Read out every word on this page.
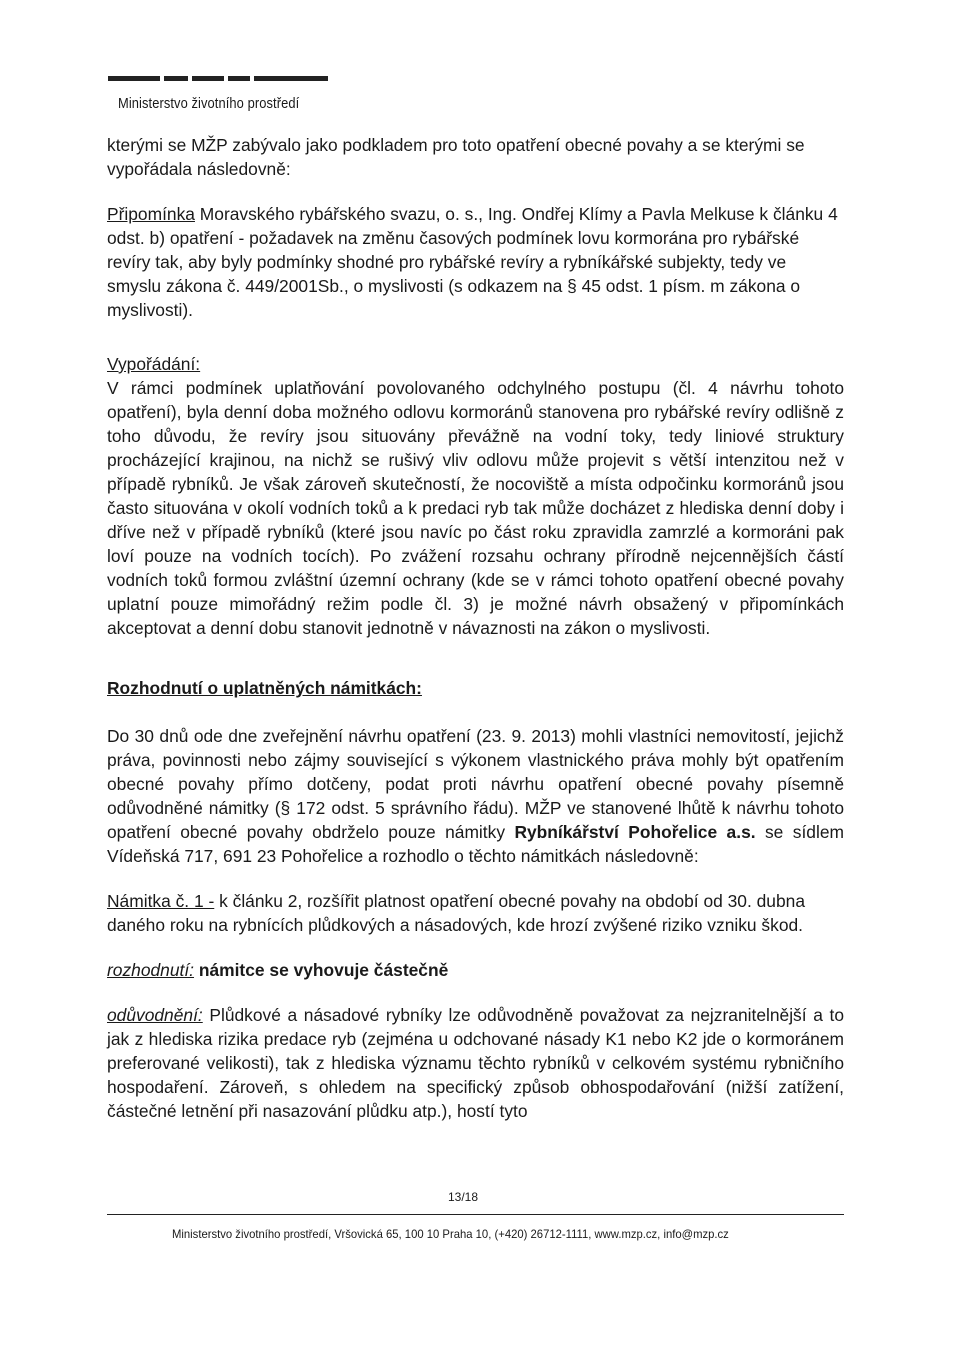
Ministerstvo životního prostředí

kterými se MŽP zabývalo jako podkladem pro toto opatření obecné povahy a se kterými se vypořádala následovně:

Připomínka Moravského rybářského svazu, o. s., Ing. Ondřej Klímy a Pavla Melkuse k článku 4 odst. b) opatření - požadavek na změnu časových podmínek lovu kormorána pro rybářské revíry tak, aby byly podmínky shodné pro rybářské revíry a rybníkářské subjekty, tedy ve smyslu zákona č. 449/2001Sb., o myslivosti (s odkazem na § 45 odst. 1 písm. m zákona o myslivosti).

Vypořádání:

V rámci podmínek uplatňování povolovaného odchylného postupu (čl. 4 návrhu tohoto opatření), byla denní doba možného odlovu kormoránů stanovena pro rybářské revíry odlišně z toho důvodu, že revíry jsou situovány převážně na vodní toky, tedy liniové struktury procházející krajinou, na nichž se rušivý vliv odlovu může projevit s větší intenzitou než v případě rybníků. Je však zároveň skutečností, že nocoviště a místa odpočinku kormoránů jsou často situována v okolí vodních toků a k predaci ryb tak může docházet z hlediska denní doby i dříve než v případě rybníků (které jsou navíc po část roku zpravidla zamrzlé a kormoráni pak loví pouze na vodních tocích). Po zvážení rozsahu ochrany přírodně nejcennějších částí vodních toků formou zvláštní územní ochrany (kde se v rámci tohoto opatření obecné povahy uplatní pouze mimořádný režim podle čl. 3) je možné návrh obsažený v připomínkách akceptovat a denní dobu stanovit jednotně v návaznosti na zákon o myslivosti.

Rozhodnutí o uplatněných námitkách:

Do 30 dnů ode dne zveřejnění návrhu opatření (23. 9. 2013) mohli vlastníci nemovitostí, jejichž práva, povinnosti nebo zájmy související s výkonem vlastnického práva mohly být opatřením obecné povahy přímo dotčeny, podat proti návrhu opatření obecné povahy písemně odůvodněné námitky (§ 172 odst. 5 správního řádu). MŽP ve stanovené lhůtě k návrhu tohoto opatření obecné povahy obdrželo pouze námitky Rybníkářství Pohořelice a.s. se sídlem Vídeňská 717, 691 23 Pohořelice a rozhodlo o těchto námitkách následovně:

Námitka č. 1 - k článku 2, rozšířit platnost opatření obecné povahy na období od 30. dubna daného roku na rybnících plůdkových a násadových, kde hrozí zvýšené riziko vzniku škod.

rozhodnutí: námitce se vyhovuje částečně

odůvodnění: Plůdkové a násadové rybníky lze odůvodněně považovat za nejzranitelnější a to jak z hlediska rizika predace ryb (zejména u odchované násady K1 nebo K2 jde o kormoránem preferované velikosti), tak z hlediska významu těchto rybníků v celkovém systému rybničního hospodaření. Zároveň, s ohledem na specifický způsob obhospodařování (nižší zatížení, částečné letnění při nasazování plůdku atp.), hostí tyto

13/18
Ministerstvo životního prostředí, Vršovická 65, 100 10 Praha 10, (+420) 26712-1111, www.mzp.cz, info@mzp.cz
